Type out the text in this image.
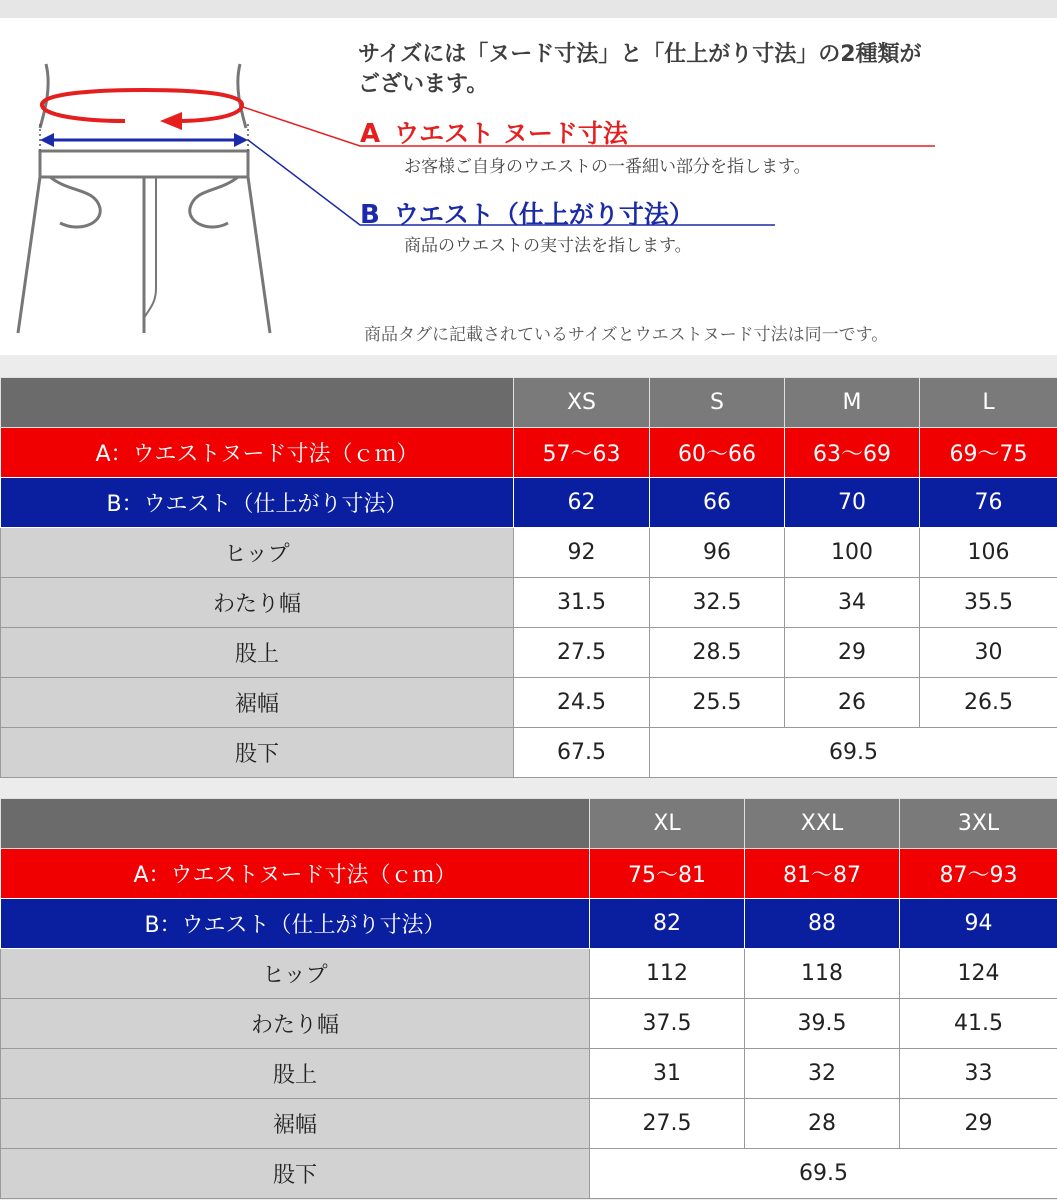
サイズには「ヌード寸法」と「仕上がり寸法」の2種類が
ございます。
A ウエスト ヌード寸法
お客様ご自身のウエストの一番細い部分を指します。
B ウエスト（仕上がり寸法）
商品のウエストの実寸法を指します。
商品タグに記載されているサイズとウエストヌード寸法は同一です。
	XS	S	M	L
A：ウエストヌード寸法（ｃｍ）	57〜63	60〜66	63〜69	69〜75
B：ウエスト（仕上がり寸法）	62	66	70	76
ヒップ	92	96	100	106
わたり幅	31.5	32.5	34	35.5
股上	27.5	28.5	29	30
裾幅	24.5	25.5	26	26.5
股下	67.5	69.5		
	XL	XXL	3XL
A：ウエストヌード寸法（ｃｍ）	75〜81	81〜87	87〜93
B：ウエスト（仕上がり寸法）	82	88	94
ヒップ	112	118	124
わたり幅	37.5	39.5	41.5
股上	31	32	33
裾幅	27.5	28	29
股下	69.5		
